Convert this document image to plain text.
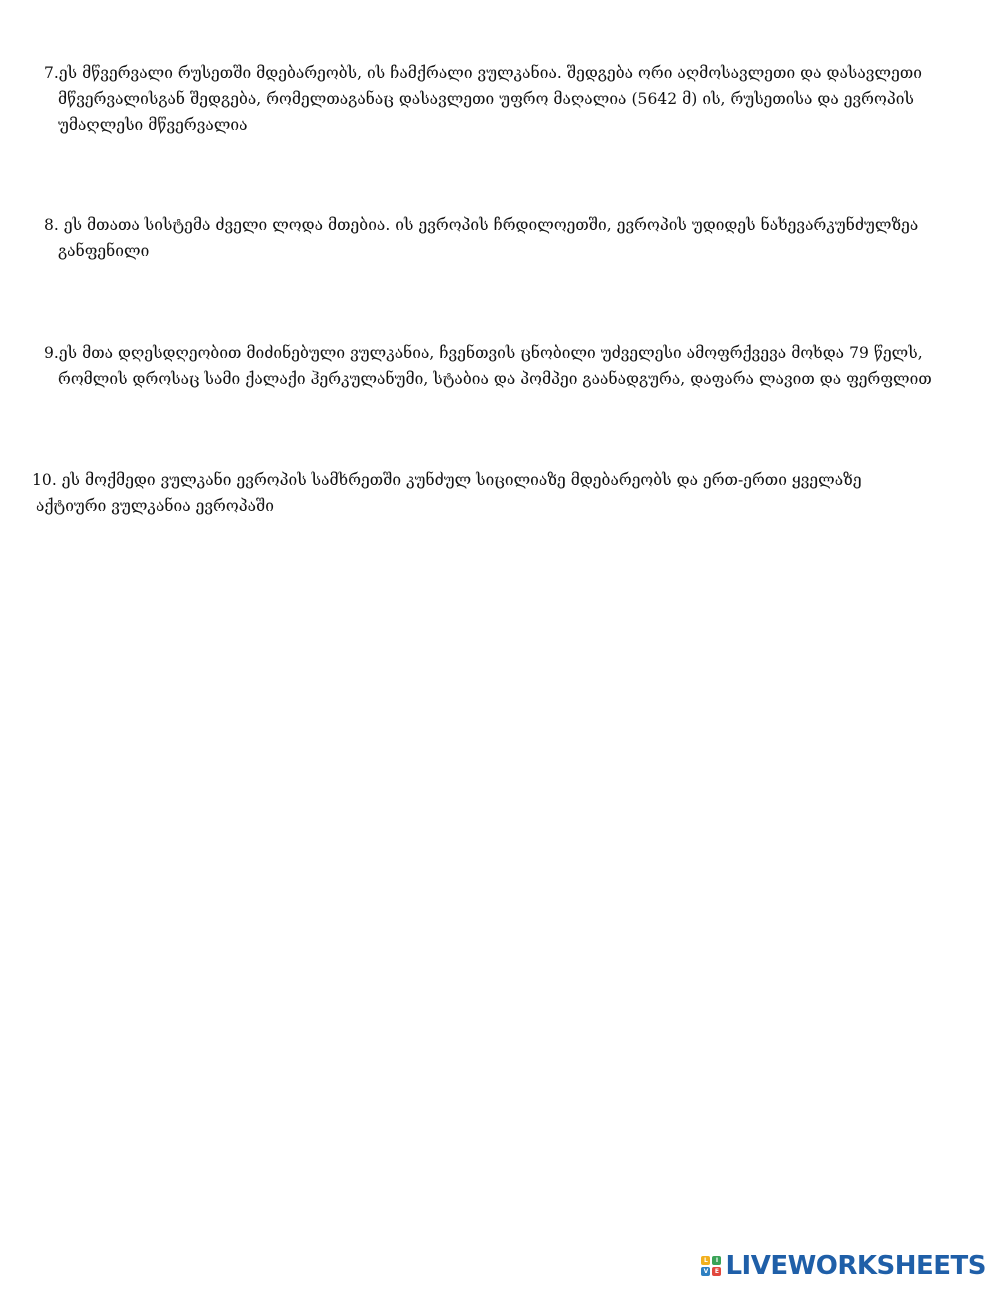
7.ეს მწვერვალი რუსეთში მდებარეობს, ის ჩამქრალი ვულკანია. შედგება ორი აღმოსავლეთი და დასავლეთი
მწვერვალისგან შედგება, რომელთაგანაც დასავლეთი უფრო მაღალია (5642 მ) ის, რუსეთისა და ევროპის
უმაღლესი მწვერვალია
8. ეს მთათა სისტემა ძველი ლოდა მთებია. ის ევროპის ჩრდილოეთში, ევროპის უდიდეს ნახევარკუნძულზეა
განფენილი
9.ეს მთა დღესდღეობით მიძინებული ვულკანია, ჩვენთვის ცნობილი უძველესი ამოფრქვევა მოხდა 79 წელს,
რომლის დროსაც სამი ქალაქი ჰერკულანუმი, სტაბია და პომპეი გაანადგურა, დაფარა ლავით და ფერფლით
10. ეს მოქმედი ვულკანი ევროპის სამხრეთში კუნძულ სიცილიაზე მდებარეობს და ერთ-ერთი ყველაზე
აქტიური ვულკანია ევროპაში
L	I
V	E LIVEWORKSHEETS
